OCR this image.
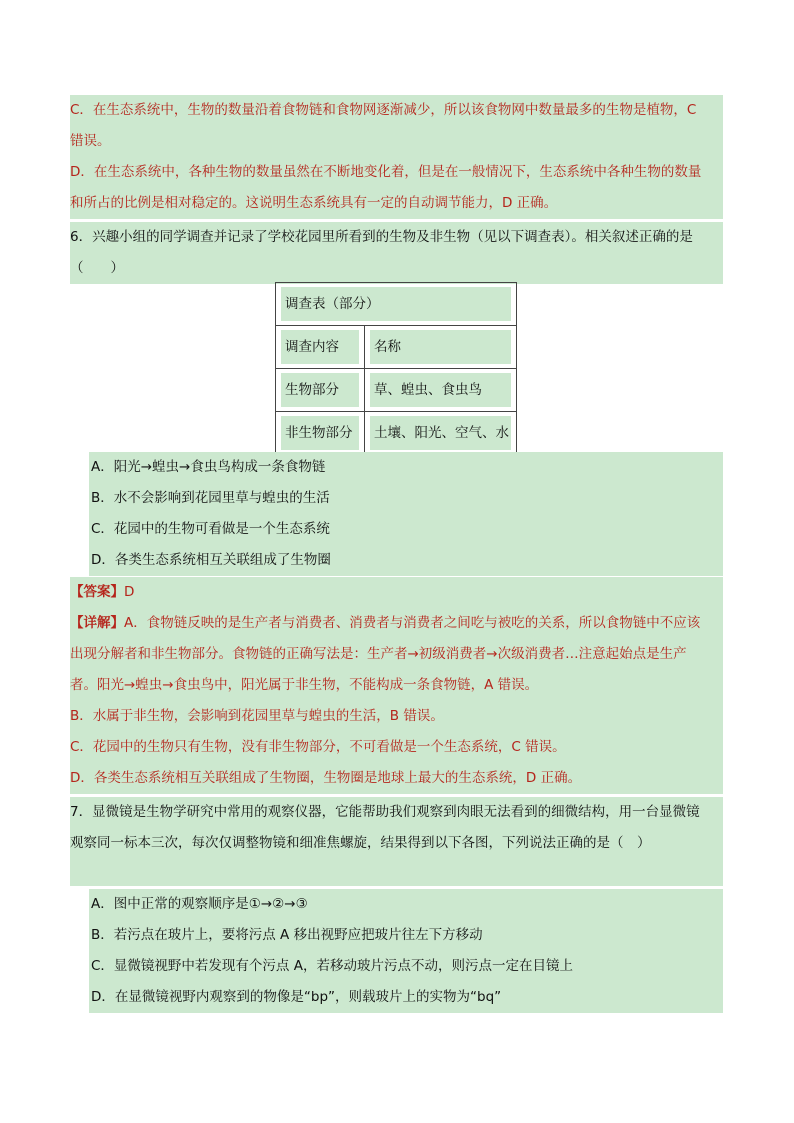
C．在生态系统中，生物的数量沿着食物链和食物网逐渐减少，所以该食物网中数量最多的生物是植物，C
错误。
D．在生态系统中，各种生物的数量虽然在不断地变化着，但是在一般情况下，生态系统中各种生物的数量
和所占的比例是相对稳定的。这说明生态系统具有一定的自动调节能力，D 正确。
6．兴趣小组的同学调查并记录了学校花园里所看到的生物及非生物（见以下调查表）。相关叙述正确的是
（　　）
调查表（部分）	

调查内容	名称

生物部分	草、蝗虫、食虫鸟

非生物部分	土壤、阳光、空气、水
A．阳光→蝗虫→食虫鸟构成一条食物链
B．水不会影响到花园里草与蝗虫的生活
C．花园中的生物可看做是一个生态系统
D．各类生态系统相互关联组成了生物圈
【答案】D
【详解】A．食物链反映的是生产者与消费者、消费者与消费者之间吃与被吃的关系，所以食物链中不应该
出现分解者和非生物部分。食物链的正确写法是：生产者→初级消费者→次级消费者…注意起始点是生产
者。阳光→蝗虫→食虫鸟中，阳光属于非生物，不能构成一条食物链，A 错误。
B．水属于非生物，会影响到花园里草与蝗虫的生活，B 错误。
C．花园中的生物只有生物，没有非生物部分，不可看做是一个生态系统，C 错误。
D．各类生态系统相互关联组成了生物圈，生物圈是地球上最大的生态系统，D 正确。
7．显微镜是生物学研究中常用的观察仪器，它能帮助我们观察到肉眼无法看到的细微结构，用一台显微镜
观察同一标本三次，每次仅调整物镜和细准焦螺旋，结果得到以下各图，下列说法正确的是（　）
A．图中正常的观察顺序是①→②→③
B．若污点在玻片上，要将污点 A 移出视野应把玻片往左下方移动
C．显微镜视野中若发现有个污点 A，若移动玻片污点不动，则污点一定在目镜上
D．在显微镜视野内观察到的物像是“bp”，则载玻片上的实物为“bq”
